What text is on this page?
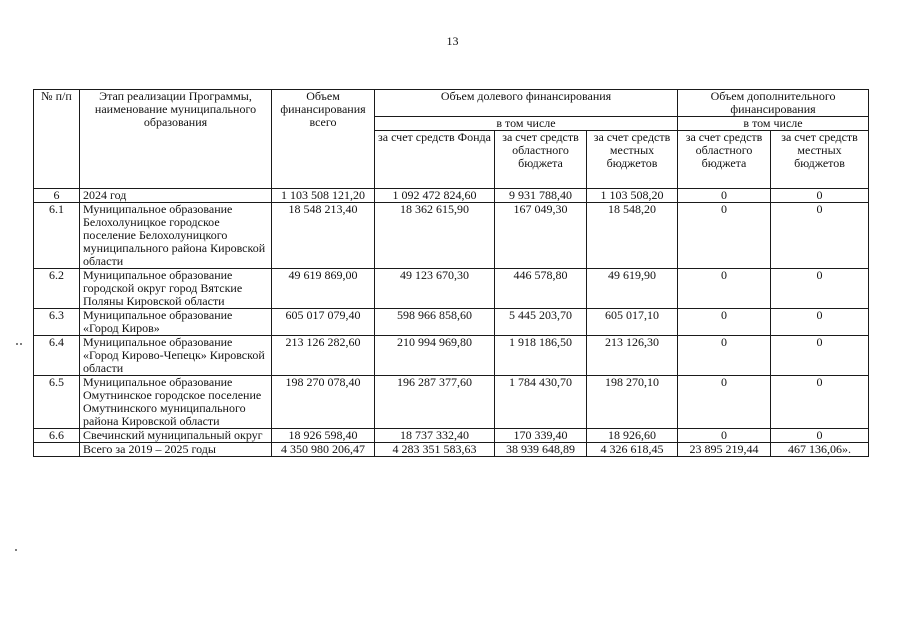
13
№ п/п	Этап реализации Программы, наименование муниципального образования	Объем финансирования всего	Объем долевого финансирования			Объем дополнительного финансирования	
			в том числе			в том числе	
			за счет средств Фонда	за счет средств областного бюджета	за счет средств местных бюджетов	за счет средств областного бюджета	за счет средств местных бюджетов
6	2024 год	1 103 508 121,20	1 092 472 824,60	9 931 788,40	1 103 508,20	0	0
6.1	Муниципальное образование Белохолуницкое городское поселение Белохолуницкого муниципального района Кировской области	18 548 213,40	18 362 615,90	167 049,30	18 548,20	0	0
6.2	Муниципальное образование городской округ город Вятские Поляны Кировской области	49 619 869,00	49 123 670,30	446 578,80	49 619,90	0	0
6.3	Муниципальное образование «Город Киров»	605 017 079,40	598 966 858,60	5 445 203,70	605 017,10	0	0
6.4	Муниципальное образование «Город Кирово-Чепецк» Кировской области	213 126 282,60	210 994 969,80	1 918 186,50	213 126,30	0	0
6.5	Муниципальное образование Омутнинское городское поселение Омутнинского муниципального района Кировской области	198 270 078,40	196 287 377,60	1 784 430,70	198 270,10	0	0
6.6	Свечинский муниципальный округ	18 926 598,40	18 737 332,40	170 339,40	18 926,60	0	0
	Всего за 2019 – 2025 годы	4 350 980 206,47	4 283 351 583,63	38 939 648,89	4 326 618,45	23 895 219,44	467 136,06».
